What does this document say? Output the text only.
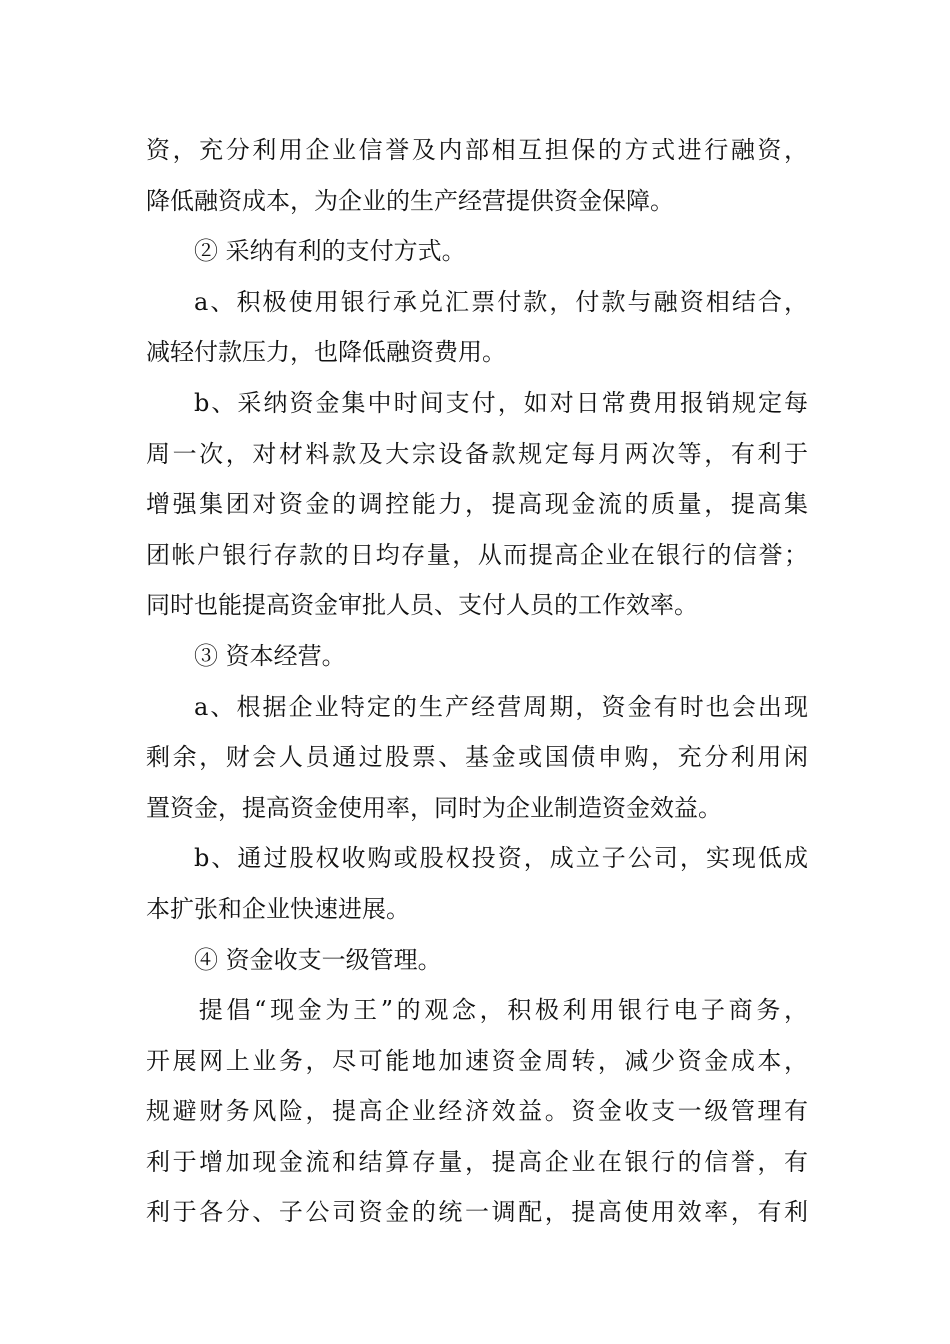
资，充分利用企业信誉及内部相互担保的方式进行融资，
降低融资成本，为企业的生产经营提供资金保障。
② 采纳有利的支付方式。
a、积极使用银行承兑汇票付款，付款与融资相结合，
减轻付款压力，也降低融资费用。
b、采纳资金集中时间支付，如对日常费用报销规定每
周一次，对材料款及大宗设备款规定每月两次等，有利于
增强集团对资金的调控能力，提高现金流的质量，提高集
团帐户银行存款的日均存量，从而提高企业在银行的信誉；
同时也能提高资金审批人员、支付人员的工作效率。
③ 资本经营。
a、根据企业特定的生产经营周期，资金有时也会出现
剩余，财会人员通过股票、基金或国债申购，充分利用闲
置资金，提高资金使用率，同时为企业制造资金效益。
b、通过股权收购或股权投资，成立子公司，实现低成
本扩张和企业快速进展。
④ 资金收支一级管理。
提倡“现金为王”的观念，积极利用银行电子商务，
开展网上业务，尽可能地加速资金周转，减少资金成本，
规避财务风险，提高企业经济效益。资金收支一级管理有
利于增加现金流和结算存量，提高企业在银行的信誉，有
利于各分、子公司资金的统一调配，提高使用效率，有利
